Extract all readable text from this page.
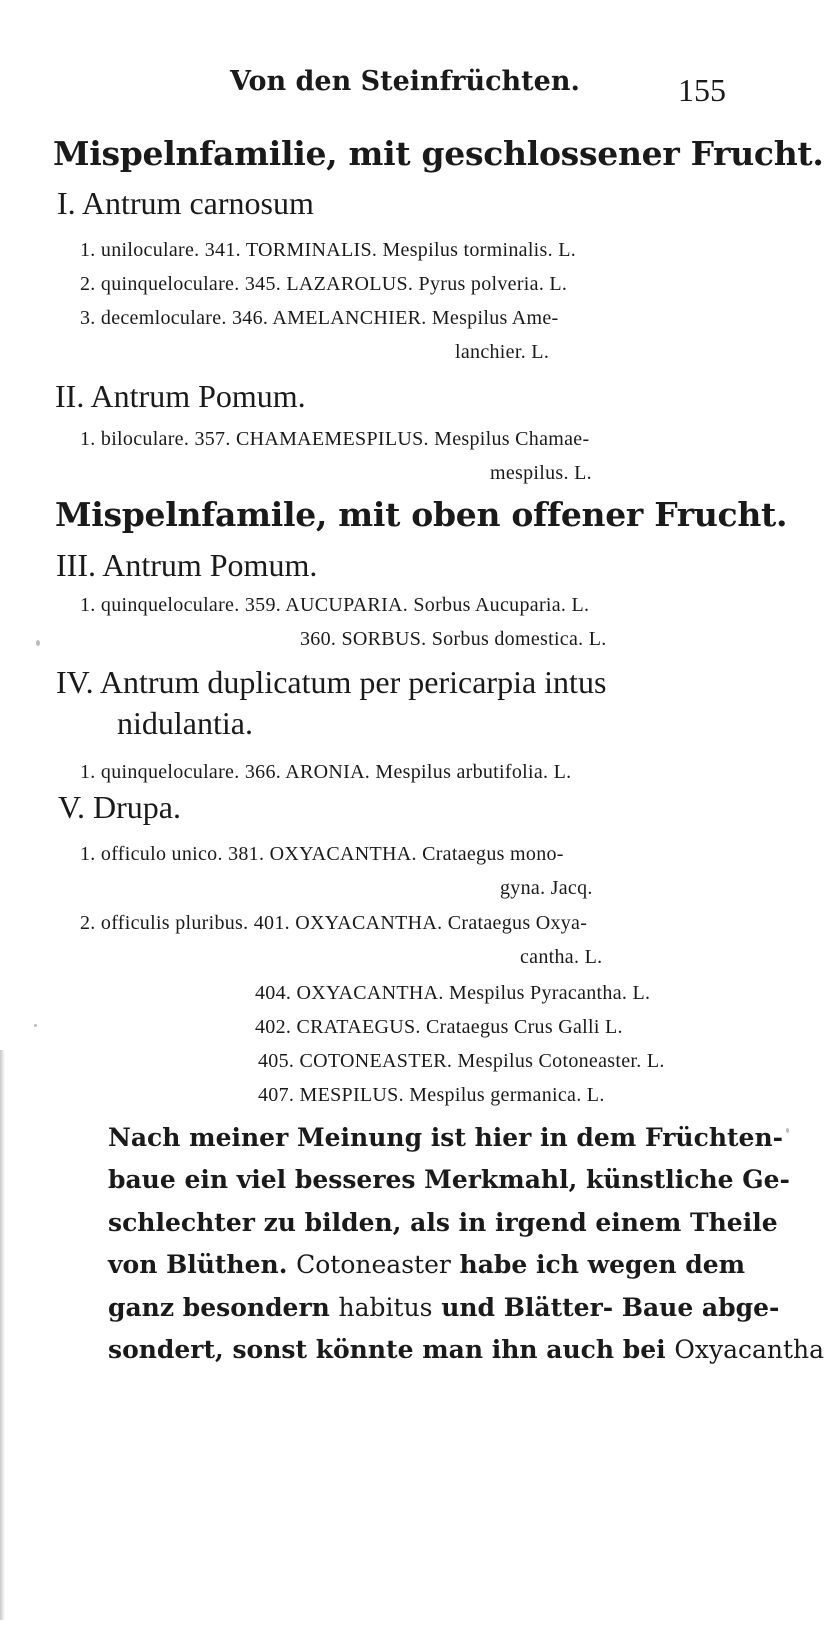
Von den Steinfrüchten.	155
Mispelnfamilie, mit geschlossener Frucht.
I. Antrum carnosum
1. uniloculare. 341. TORMINALIS. Mespilus torminalis. L.
2. quinqueloculare. 345. LAZAROLUS. Pyrus polveria. L.
3. decemloculare. 346. AMELANCHIER. Mespilus Ame-
lanchier. L.
II. Antrum Pomum.
1. biloculare. 357. CHAMAEMESPILUS. Mespilus Chamae-
mespilus. L.
Mispelnfamile, mit oben offener Frucht.
III. Antrum Pomum.
1. quinqueloculare. 359. AUCUPARIA. Sorbus Aucuparia. L.
360. SORBUS. Sorbus domestica. L.
IV. Antrum duplicatum per pericarpia intus
nidulantia.
1. quinqueloculare. 366. ARONIA. Mespilus arbutifolia. L.
V. Drupa.
1. officulo unico. 381. OXYACANTHA. Crataegus mono-
gyna. Jacq.
2. officulis pluribus. 401. OXYACANTHA. Crataegus Oxya-
cantha. L.
404. OXYACANTHA. Mespilus Pyracantha. L.
402. CRATAEGUS. Crataegus Crus Galli L.
405. COTONEASTER. Mespilus Cotoneaster. L.
407. MESPILUS. Mespilus germanica. L.
Nach meiner Meinung ist hier in dem Früchten-
baue ein viel besseres Merkmahl, künstliche Ge-
schlechter zu bilden, als in irgend einem Theile
von Blüthen. Cotoneaster habe ich wegen dem
ganz besondern habitus und Blätter- Baue abge-
sondert, sonst könnte man ihn auch bei Oxyacantha
